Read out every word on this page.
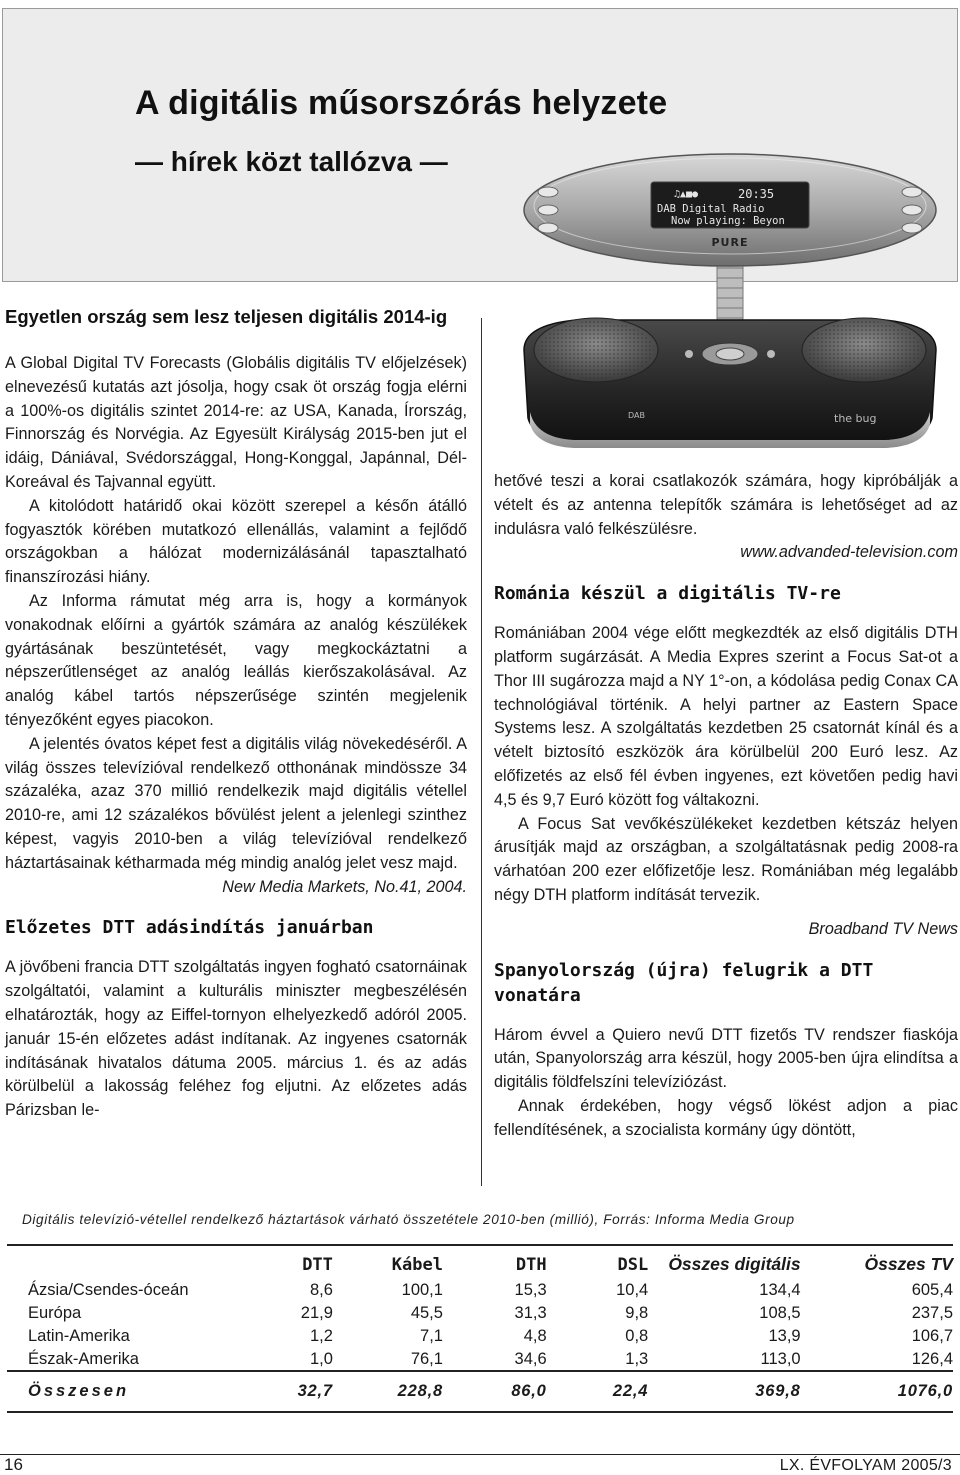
A digitális műsorszórás helyzete
— hírek közt tallózva —
♫▲■●	20:35
DAB Digital Radio
Now playing: Beyon
PURE
DAB	the bug
Egyetlen ország sem lesz teljesen digitális 2014-ig

A Global Digital TV Forecasts (Globális digitális TV előjelzések) elnevezésű kutatás azt jósolja, hogy csak öt ország fogja elérni a 100%-os digitális szintet 2014-re: az USA, Kanada, Írország, Finnország és Norvégia. Az Egyesült Királyság 2015-ben jut el idáig, Dániával, Svédországgal, Hong-Konggal, Japánnal, Dél-Koreával és Tajvannal együtt.

A kitolódott határidő okai között szerepel a későn átálló fogyasztók körében mutatkozó ellenállás, valamint a fejlődő országokban a hálózat modernizálásánál tapasztalható finanszírozási hiány.

Az Informa rámutat még arra is, hogy a kormányok vonakodnak előírni a gyártók számára az analóg készülékek gyártásának beszüntetését, vagy megkockáztatni a népszerűtlenséget az analóg leállás kierőszakolásával. Az analóg kábel tartós népszerűsége szintén megjelenik tényezőként egyes piacokon.

A jelentés óvatos képet fest a digitális világ növekedéséről. A világ összes televízióval rendelkező otthonának mindössze 34 százaléka, azaz 370 millió rendelkezik majd digitális vétellel 2010-re, ami 12 százalékos bővülést jelent a jelenlegi szinthez képest, vagyis 2010-ben a világ televízióval rendelkező háztartásainak kétharmada még mindig analóg jelet vesz majd.

New Media Markets, No.41, 2004.

Előzetes DTT adásindítás januárban

A jövőbeni francia DTT szolgáltatás ingyen fogható csatornáinak szolgáltatói, valamint a kulturális miniszter megbeszélésén elhatározták, hogy az Eiffel-tornyon elhelyezkedő adóról 2005. január 15-én előzetes adást indítanak. Az ingyenes csatornák indításának hivatalos dátuma 2005. március 1. és az adás körülbelül a lakosság feléhez fog eljutni. Az előzetes adás Párizsban le-

hetővé teszi a korai csatlakozók számára, hogy kipróbálják a vételt és az antenna telepítők számára is lehetőséget ad az indulásra való felkészülésre.

www.advanded-television.com

Románia készül a digitális TV-re

Romániában 2004 vége előtt megkezdték az első digitális DTH platform sugárzását. A Media Expres szerint a Focus Sat-ot a Thor III sugározza majd a NY 1°-on, a kódolása pedig Conax CA technológiával történik. A helyi partner az Eastern Space Systems lesz. A szolgáltatás kezdetben 25 csatornát kínál és a vételt biztosító eszközök ára körülbelül 200 Euró lesz. Az előfizetés az első fél évben ingyenes, ezt követően pedig havi 4,5 és 9,7 Euró között fog váltakozni.

A Focus Sat vevőkészülékeket kezdetben kétszáz helyen árusítják majd az országban, a szolgáltatásnak pedig 2008-ra várhatóan 200 ezer előfizetője lesz. Romániában még legalább négy DTH platform indítását tervezik.

Broadband TV News

Spanyolország (újra) felugrik a DTT vonatára

Három évvel a Quiero nevű DTT fizetős TV rendszer fiaskója után, Spanyolország arra készül, hogy 2005-ben újra elindítsa a digitális földfelszíni televíziózást.

Annak érdekében, hogy végső lökést adjon a piac fellendítésének, a szocialista kormány úgy döntött,

Digitális televízió-vétellel rendelkező háztartások várható összetétele 2010-ben (millió), Forrás: Informa Media Group
	DTT	Kábel	DTH	DSL	Összes digitális	Összes TV
Ázsia/Csendes-óceán	8,6	100,1	15,3	10,4	134,4	605,4
Európa	21,9	45,5	31,3	9,8	108,5	237,5
Latin-Amerika	1,2	7,1	4,8	0,8	13,9	106,7
Észak-Amerika	1,0	76,1	34,6	1,3	113,0	126,4
Összesen	32,7	228,8	86,0	22,4	369,8	1076,0
16	LX. ÉVFOLYAM 2005/3
